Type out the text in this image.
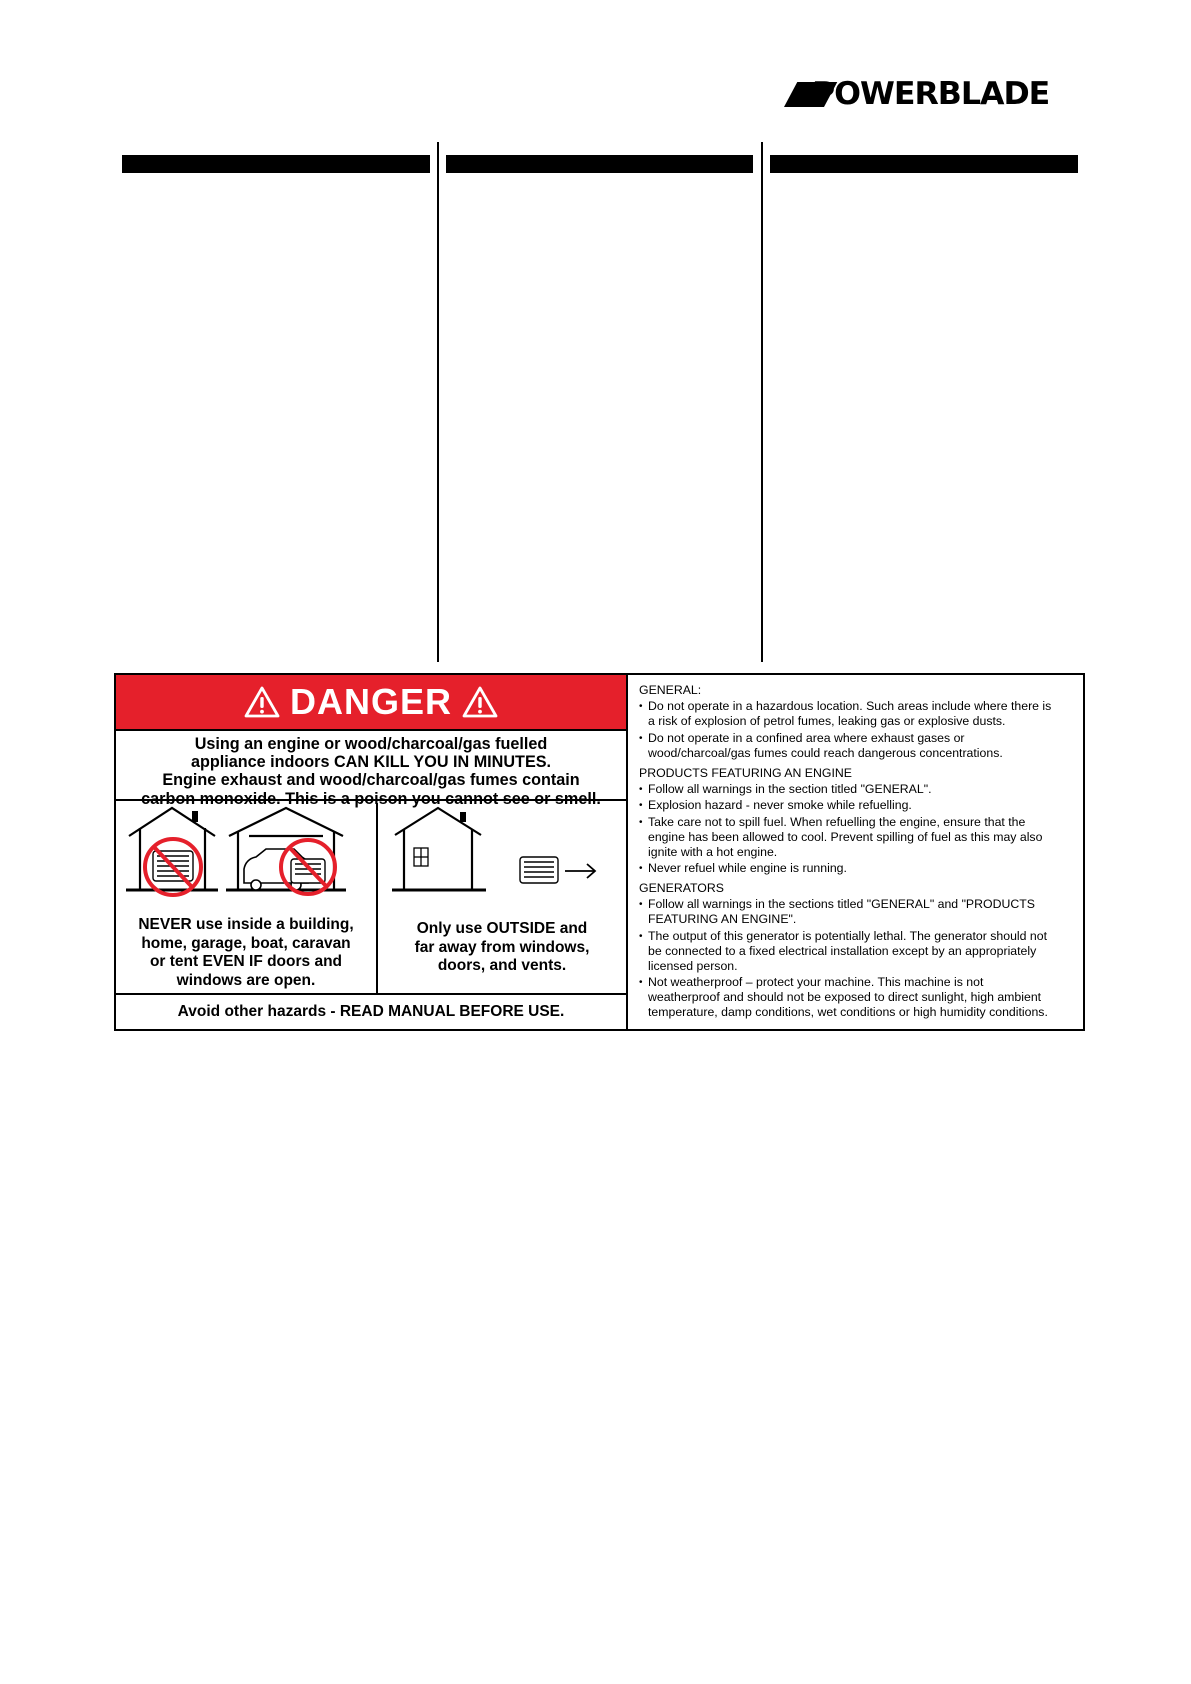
POWERBLADE
DANGER
Using an engine or wood/charcoal/gas fuelled
appliance indoors CAN KILL YOU IN MINUTES.
Engine exhaust and wood/charcoal/gas fumes contain
carbon monoxide. This is a poison you cannot see or smell.
NEVER use inside a building,
home, garage, boat, caravan
or tent EVEN IF doors and
windows are open.
Only use OUTSIDE and
far away from windows,
doors, and vents.
Avoid other hazards - READ MANUAL BEFORE USE.

GENERAL:

• Do not operate in a hazardous location. Such areas include where there is
a risk of explosion of petrol fumes, leaking gas or explosive dusts.
• Do not operate in a confined area where exhaust gases or
wood/charcoal/gas fumes could reach dangerous concentrations.

PRODUCTS FEATURING AN ENGINE

• Follow all warnings in the section titled "GENERAL".
• Explosion hazard - never smoke while refuelling.
• Take care not to spill fuel. When refuelling the engine, ensure that the
engine has been allowed to cool. Prevent spilling of fuel as this may also
ignite with a hot engine.
• Never refuel while engine is running.

GENERATORS

• Follow all warnings in the sections titled "GENERAL" and "PRODUCTS
FEATURING AN ENGINE".
• The output of this generator is potentially lethal. The generator should not
be connected to a fixed electrical installation except by an appropriately
licensed person.
• Not weatherproof – protect your machine. This machine is not
weatherproof and should not be exposed to direct sunlight, high ambient
temperature, damp conditions, wet conditions or high humidity conditions.
